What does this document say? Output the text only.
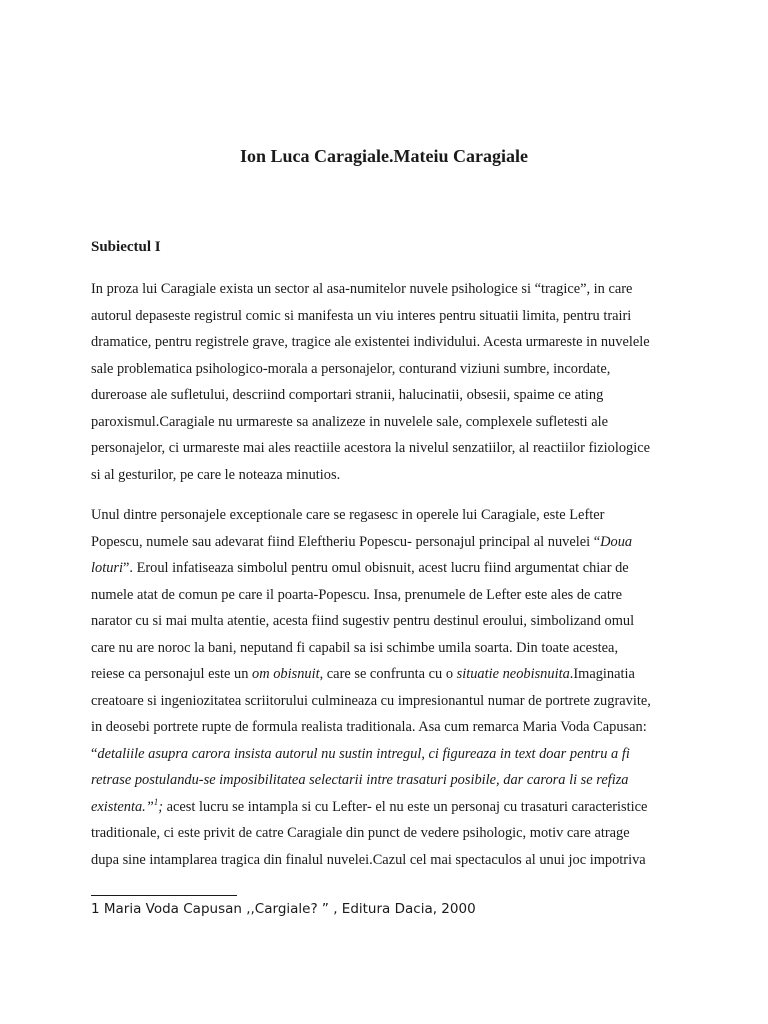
Ion Luca Caragiale.Mateiu Caragiale
Subiectul I

In proza lui Caragiale exista un sector al asa-numitelor nuvele psihologice si “tragice”, in care
autorul depaseste registrul comic si manifesta un viu interes pentru situatii limita, pentru trairi
dramatice, pentru registrele grave, tragice ale existentei individului. Acesta urmareste in nuvelele
sale problematica psihologico-morala a personajelor, conturand viziuni sumbre, incordate,
dureroase ale sufletului, descriind comportari stranii, halucinatii, obsesii, spaime ce ating
paroxismul.Caragiale nu urmareste sa analizeze in nuvelele sale, complexele sufletesti ale
personajelor, ci urmareste mai ales reactiile acestora la nivelul senzatiilor, al reactiilor fiziologice
si al gesturilor, pe care le noteaza minutios.

Unul dintre personajele exceptionale care se regasesc in operele lui Caragiale, este Lefter
Popescu, numele sau adevarat fiind Eleftheriu Popescu- personajul principal al nuvelei “Doua
loturi”. Eroul infatiseaza simbolul pentru omul obisnuit, acest lucru fiind argumentat chiar de
numele atat de comun pe care il poarta-Popescu. Insa, prenumele de Lefter este ales de catre
narator cu si mai multa atentie, acesta fiind sugestiv pentru destinul eroului, simbolizand omul
care nu are noroc la bani, neputand fi capabil sa isi schimbe umila soarta. Din toate acestea,
reiese ca personajul este un om obisnuit, care se confrunta cu o situatie neobisnuita.Imaginatia
creatoare si ingeniozitatea scriitorului culmineaza cu impresionantul numar de portrete zugravite,
in deosebi portrete rupte de formula realista traditionala. Asa cum remarca Maria Voda Capusan:
“detaliile asupra carora insista autorul nu sustin intregul, ci figureaza in text doar pentru a fi
retrase postulandu-se imposibilitatea selectarii intre trasaturi posibile, dar carora li se refiza
existenta.”$^1$; acest lucru se intampla si cu Lefter- el nu este un personaj cu trasaturi caracteristice
traditionale, ci este privit de catre Caragiale din punct de vedere psihologic, motiv care atrage
dupa sine intamplarea tragica din finalul nuvelei.Cazul cel mai spectaculos al unui joc impotriva

1 Maria Voda Capusan ,,Cargiale? ” , Editura Dacia, 2000
